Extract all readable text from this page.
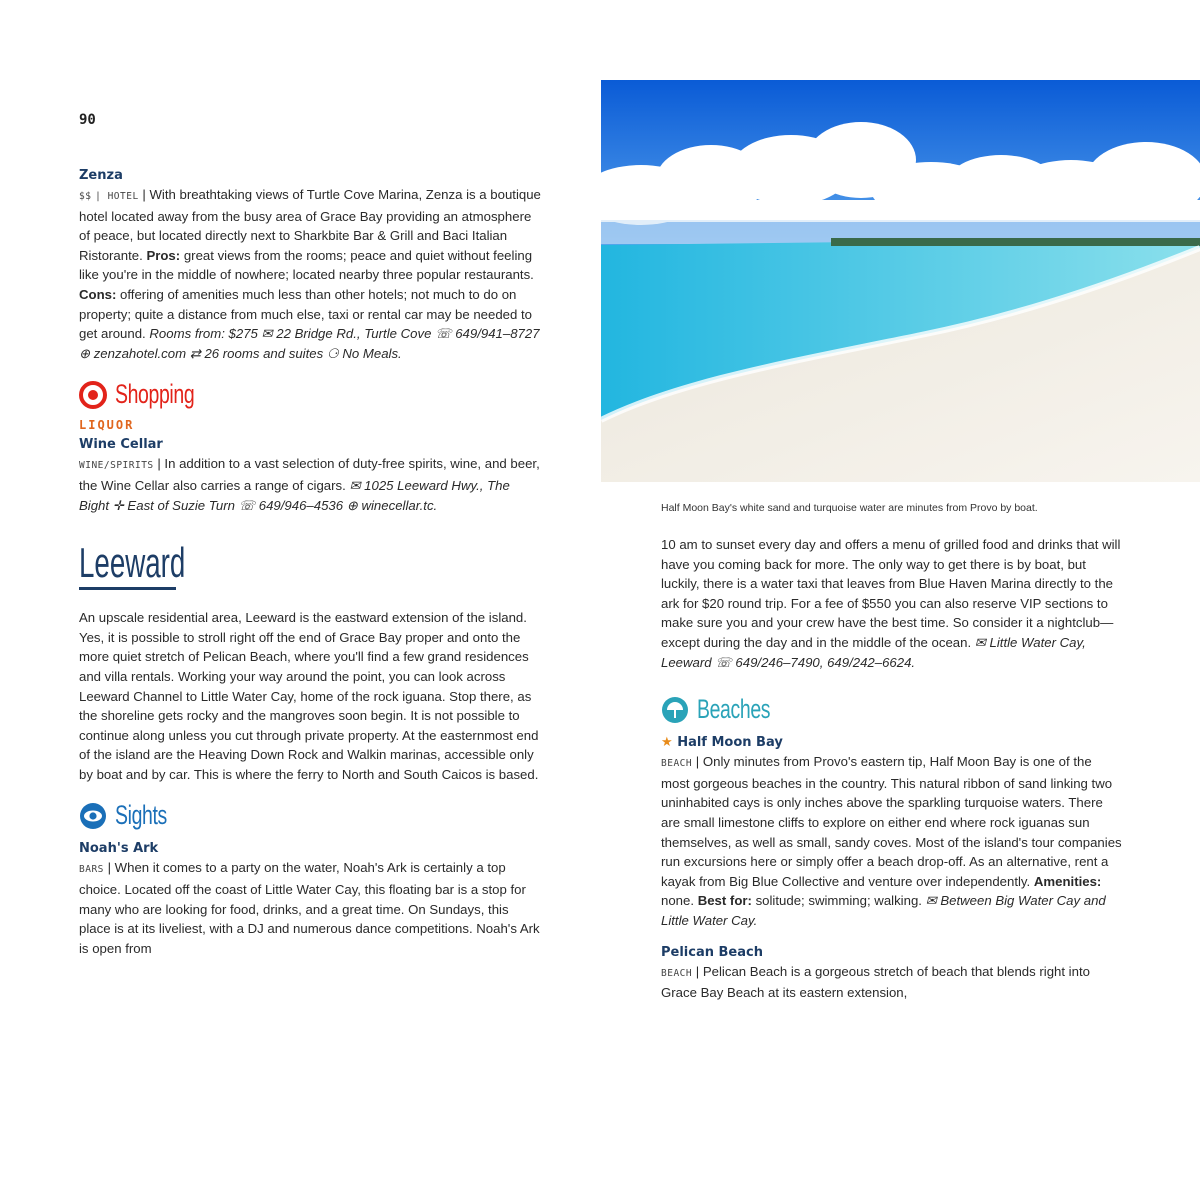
90

Zenza

$$ | HOTEL | With breathtaking views of Turtle Cove Marina, Zenza is a boutique hotel located away from the busy area of Grace Bay providing an atmosphere of peace, but located directly next to Sharkbite Bar & Grill and Baci Italian Ristorante. Pros: great views from the rooms; peace and quiet without feeling like you're in the middle of nowhere; located nearby three popular restaurants. Cons: offering of amenities much less than other hotels; not much to do on property; quite a distance from much else, taxi or rental car may be needed to get around. Rooms from: $275 ✉ 22 Bridge Rd., Turtle Cove ☏ 649/941–8727 ⊕ zenzahotel.com ⇄ 26 rooms and suites ⚆ No Meals.

Shopping

LIQUOR

Wine Cellar

WINE/SPIRITS | In addition to a vast selection of duty-free spirits, wine, and beer, the Wine Cellar also carries a range of cigars. ✉ 1025 Leeward Hwy., The Bight ✛ East of Suzie Turn ☏ 649/946–4536 ⊕ winecellar.tc.

Leeward

An upscale residential area, Leeward is the eastward extension of the island. Yes, it is possible to stroll right off the end of Grace Bay proper and onto the more quiet stretch of Pelican Beach, where you'll find a few grand residences and villa rentals. Working your way around the point, you can look across Leeward Channel to Little Water Cay, home of the rock iguana. Stop there, as the shoreline gets rocky and the mangroves soon begin. It is not possible to continue along unless you cut through private property. At the easternmost end of the island are the Heaving Down Rock and Walkin marinas, accessible only by boat and by car. This is where the ferry to North and South Caicos is based.

Sights

Noah's Ark

BARS | When it comes to a party on the water, Noah's Ark is certainly a top choice. Located off the coast of Little Water Cay, this floating bar is a stop for many who are looking for food, drinks, and a great time. On Sundays, this place is at its liveliest, with a DJ and numerous dance competitions. Noah's Ark is open from

Half Moon Bay's white sand and turquoise water are minutes from Provo by boat.

10 am to sunset every day and offers a menu of grilled food and drinks that will have you coming back for more. The only way to get there is by boat, but luckily, there is a water taxi that leaves from Blue Haven Marina directly to the ark for $20 round trip. For a fee of $550 you can also reserve VIP sections to make sure you and your crew have the best time. So consider it a nightclub—except during the day and in the middle of the ocean. ✉ Little Water Cay, Leeward ☏ 649/246–7490, 649/242–6624.

Beaches

★ Half Moon Bay

BEACH | Only minutes from Provo's eastern tip, Half Moon Bay is one of the most gorgeous beaches in the country. This natural ribbon of sand linking two uninhabited cays is only inches above the sparkling turquoise waters. There are small limestone cliffs to explore on either end where rock iguanas sun themselves, as well as small, sandy coves. Most of the island's tour companies run excursions here or simply offer a beach drop-off. As an alternative, rent a kayak from Big Blue Collective and venture over independently. Amenities: none. Best for: solitude; swimming; walking. ✉ Between Big Water Cay and Little Water Cay.

Pelican Beach

BEACH | Pelican Beach is a gorgeous stretch of beach that blends right into Grace Bay Beach at its eastern extension,
